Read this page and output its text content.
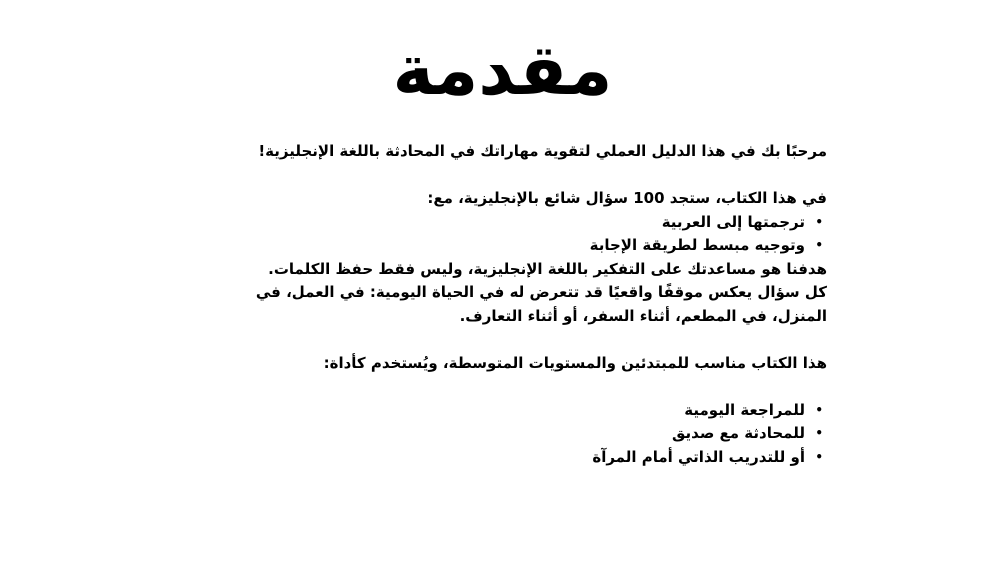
مقدمة
مرحبًا بك في هذا الدليل العملي لتقوية مهاراتك في المحادثة باللغة الإنجليزية!
في هذا الكتاب، ستجد 100 سؤال شائع بالإنجليزية، مع:
•
ترجمتها إلى العربية
•
وتوجيه مبسط لطريقة الإجابة
هدفنا هو مساعدتك على التفكير باللغة الإنجليزية، وليس فقط حفظ الكلمات.
كل سؤال يعكس موقفًا واقعيًا قد تتعرض له في الحياة اليومية: في العمل، في
المنزل، في المطعم، أثناء السفر، أو أثناء التعارف.
هذا الكتاب مناسب للمبتدئين والمستويات المتوسطة، ويُستخدم كأداة:
•
للمراجعة اليومية
•
للمحادثة مع صديق
•
أو للتدريب الذاتي أمام المرآة
